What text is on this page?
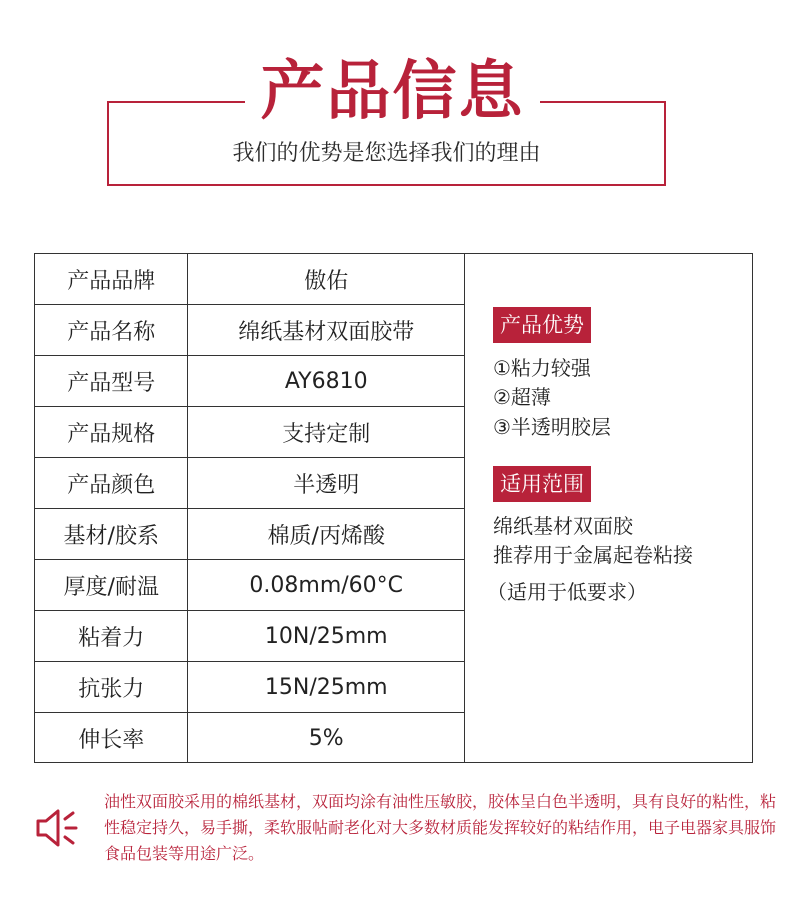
产品信息
我们的优势是您选择我们的理由
产品品牌	傲佑
产品名称	绵纸基材双面胶带
产品型号	AY6810
产品规格	支持定制
产品颜色	半透明
基材/胶系	棉质/丙烯酸
厚度/耐温	0.08mm/60°C
粘着力	10N/25mm
抗张力	15N/25mm
伸长率	5%
产品优势
①粘力较强
②超薄
③半透明胶层
适用范围
绵纸基材双面胶
推荐用于金属起卷粘接
（适用于低要求）
油性双面胶采用的棉纸基材，双面均涂有油性压敏胶，胶体呈白色半透明，具有良好的粘性，粘性稳定持久，易手撕，柔软服帖耐老化对大多数材质能发挥较好的粘结作用，电子电器家具服饰食品包装等用途广泛。
